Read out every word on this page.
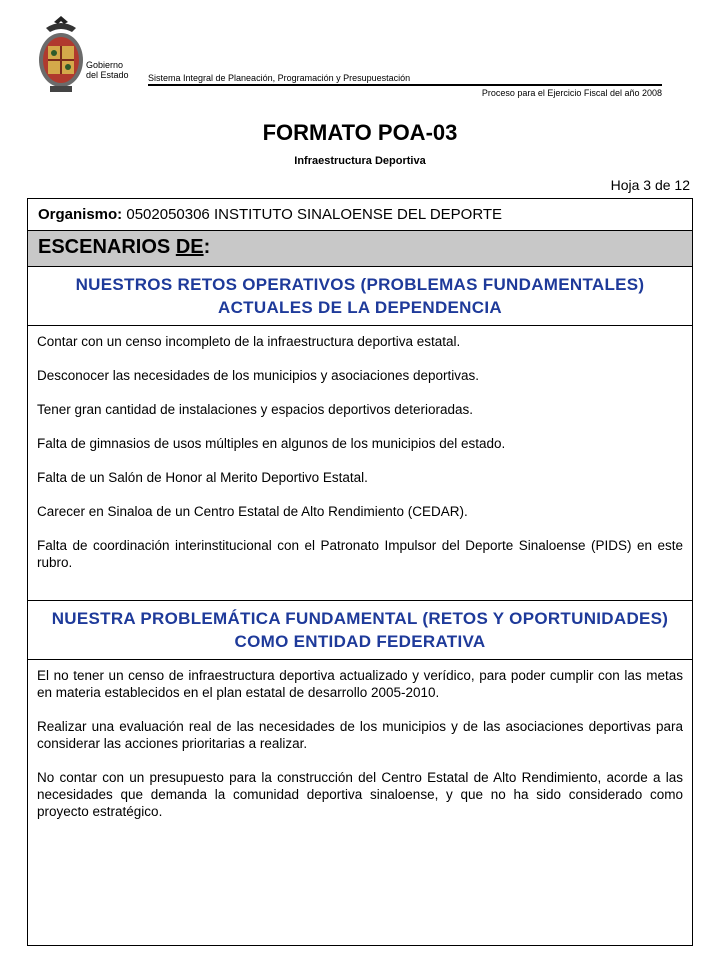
Gobierno
del Estado Sistema Integral de Planeación, Programación y Presupuestación
Proceso para el Ejercicio Fiscal del año 2008
FORMATO POA-03
Infraestructura Deportiva
Hoja 3 de 12
Organismo: 0502050306 INSTITUTO SINALOENSE DEL DEPORTE
ESCENARIOS DE:
NUESTROS RETOS OPERATIVOS (PROBLEMAS FUNDAMENTALES) ACTUALES DE LA DEPENDENCIA

Contar con un censo incompleto de la infraestructura deportiva estatal.

Desconocer las necesidades de los municipios y asociaciones deportivas.

Tener gran cantidad de instalaciones y espacios deportivos deterioradas.

Falta de gimnasios de usos múltiples en algunos de los municipios del estado.

Falta de un Salón de Honor al Merito Deportivo Estatal.

Carecer en Sinaloa de un Centro Estatal de Alto Rendimiento (CEDAR).

Falta de coordinación interinstitucional con el Patronato Impulsor del Deporte Sinaloense (PIDS) en este rubro.

NUESTRA PROBLEMÁTICA FUNDAMENTAL (RETOS Y OPORTUNIDADES) COMO ENTIDAD FEDERATIVA

El no tener un censo de infraestructura deportiva actualizado y verídico, para poder cumplir con las metas en materia establecidos en el plan estatal de desarrollo 2005-2010.

Realizar una evaluación real de las necesidades de los municipios y de las asociaciones deportivas para considerar las acciones prioritarias a realizar.

No contar con un presupuesto para la construcción del Centro Estatal de Alto Rendimiento, acorde a las necesidades que demanda la comunidad deportiva sinaloense, y que no ha sido considerado como proyecto estratégico.
